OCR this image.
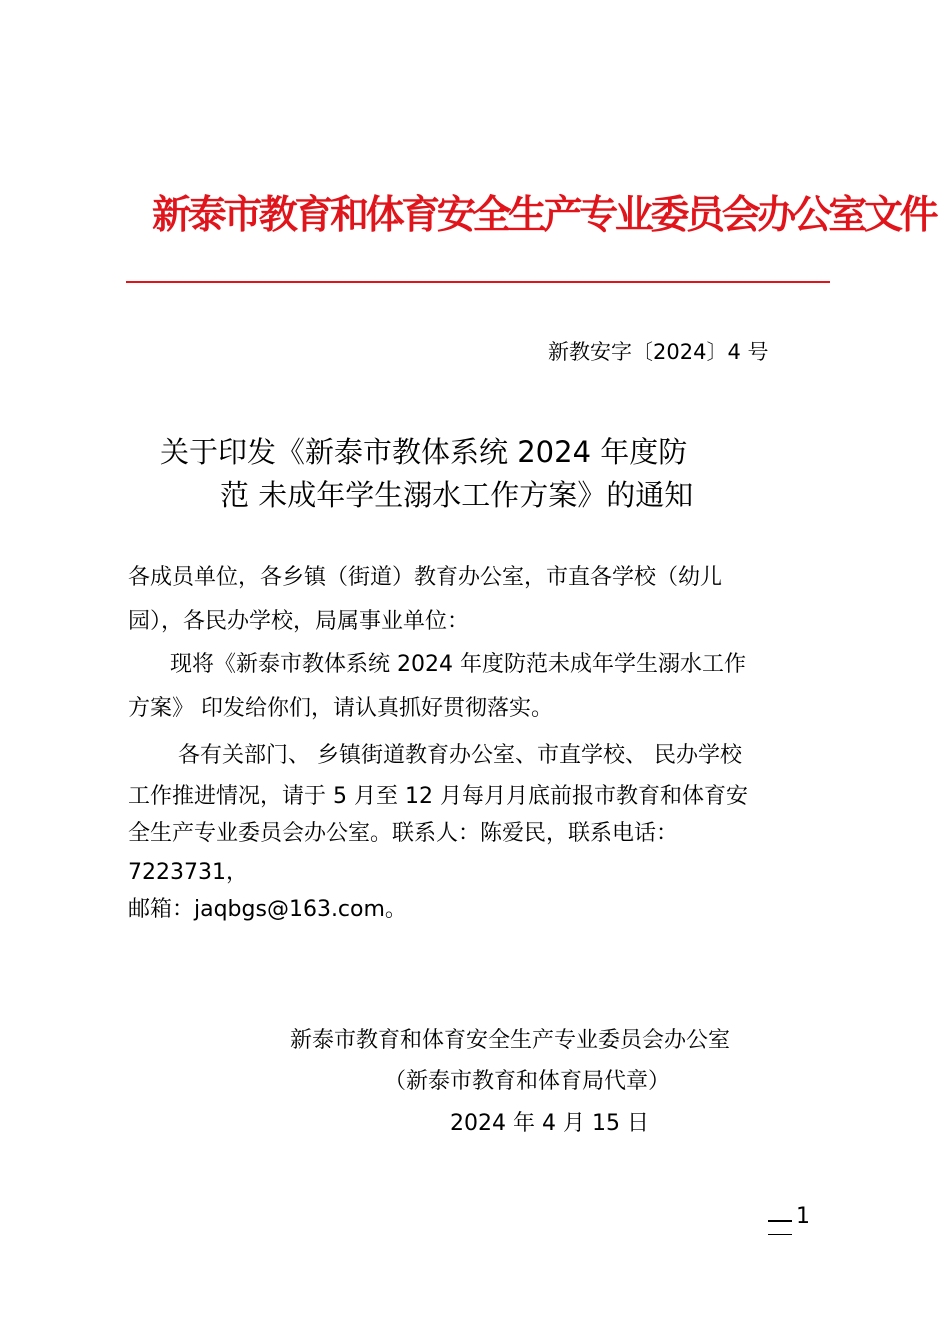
新泰市教育和体育安全生产专业委员会办公室文件
新教安字〔2024〕4 号
关于印发《新泰市教体系统 2024 年度防
范 未成年学生溺水工作方案》的通知
各成员单位，各乡镇（街道）教育办公室，市直各学校（幼儿
园），各民办学校，局属事业单位：
现将《新泰市教体系统 2024 年度防范未成年学生溺水工作
方案》 印发给你们，请认真抓好贯彻落实。
各有关部门、 乡镇街道教育办公室、市直学校、 民办学校
工作推进情况，请于 5 月至 12 月每月月底前报市教育和体育安
全生产专业委员会办公室。联系人：陈爱民，联系电话：
7223731，
邮箱：jaqbgs@163.com。
新泰市教育和体育安全生产专业委员会办公室
（新泰市教育和体育局代章）
2024 年 4 月 15 日
1
